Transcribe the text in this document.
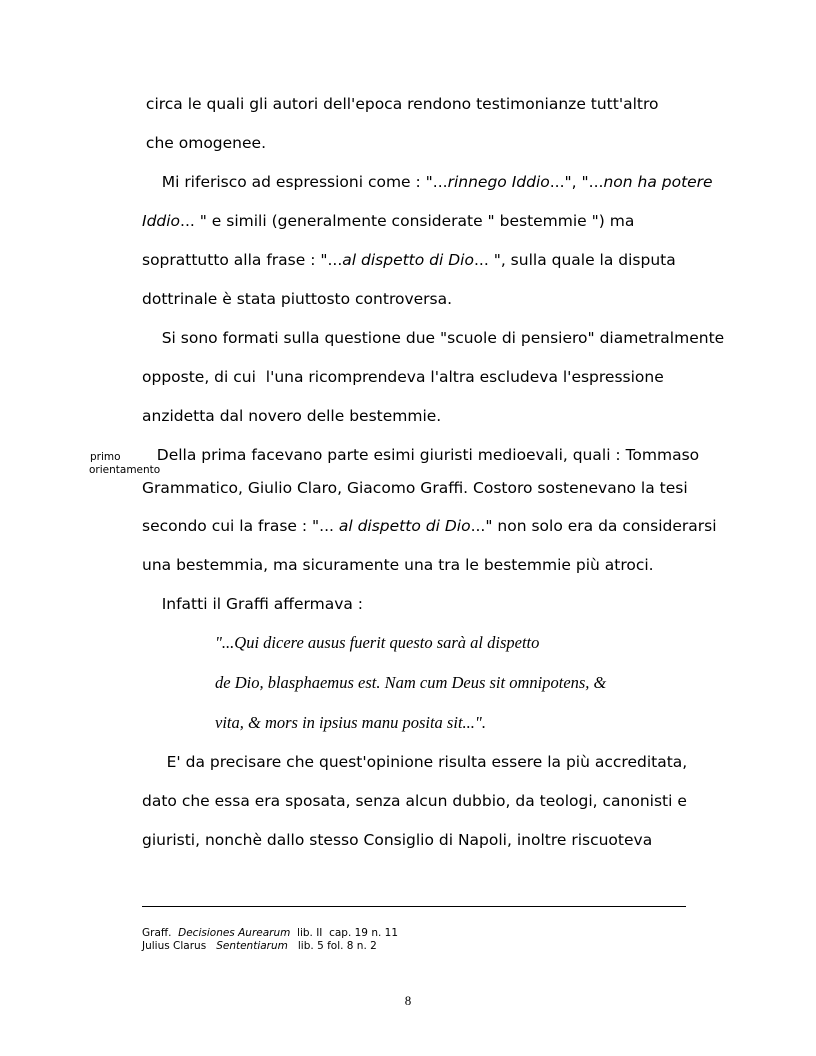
circa le quali gli autori dell'epoca rendono testimonianze tutt'altro
che omogenee.
Mi riferisco ad espressioni come : "...rinnego Iddio...", "...non ha potere
Iddio... " e simili (generalmente considerate " bestemmie ") ma
soprattutto alla frase : "...al dispetto di Dio... ", sulla quale la disputa
dottrinale è stata piuttosto controversa.
Si sono formati sulla questione due "scuole di pensiero" diametralmente
opposte, di cui  l'una ricomprendeva l'altra escludeva l'espressione
anzidetta dal novero delle bestemmie.
primo
orientamento
Della prima facevano parte esimi giuristi medioevali, quali : Tommaso
Grammatico, Giulio Claro, Giacomo Graffi. Costoro sostenevano la tesi
secondo cui la frase : "... al dispetto di Dio..." non solo era da considerarsi
una bestemmia, ma sicuramente una tra le bestemmie più atroci.
Infatti il Graffi affermava :
"...Qui dicere ausus fuerit questo sarà al dispetto
de Dio, blasphaemus est. Nam cum Deus sit omnipotens, &
vita, & mors in ipsius manu posita sit...".
E' da precisare che quest'opinione risulta essere la più accreditata,
dato che essa era sposata, senza alcun dubbio, da teologi, canonisti e
giuristi, nonchè dallo stesso Consiglio di Napoli, inoltre riscuoteva
Graff.  Decisiones Aurearum  lib. II  cap. 19 n. 11
Julius Clarus   Sententiarum   lib. 5 fol. 8 n. 2
8
